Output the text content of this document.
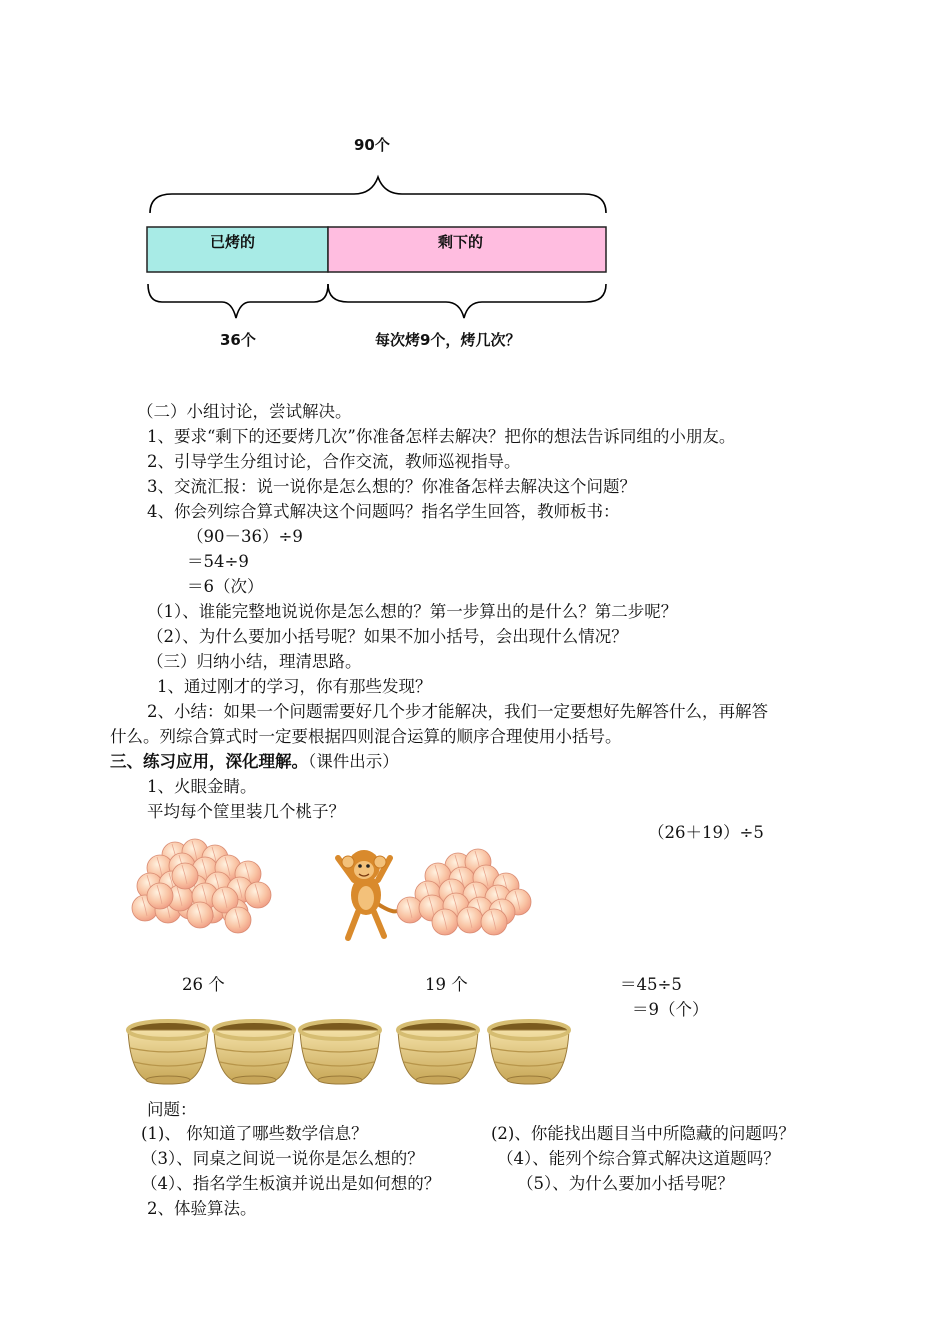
90个
已烤的	剩下的
36个	每次烤9个，烤几次？
（二）小组讨论，尝试解决。
1、要求“剩下的还要烤几次”你准备怎样去解决？把你的想法告诉同组的小朋友。
2、引导学生分组讨论，合作交流，教师巡视指导。
3、交流汇报：说一说你是怎么想的？你准备怎样去解决这个问题？
4、你会列综合算式解决这个问题吗？指名学生回答，教师板书：
（90－36）÷9
＝54÷9
＝6（次）
（1）、谁能完整地说说你是怎么想的？第一步算出的是什么？第二步呢？
（2）、为什么要加小括号呢？如果不加小括号，会出现什么情况？
（三）归纳小结，理清思路。
1、通过刚才的学习，你有那些发现？
2、小结：如果一个问题需要好几个步才能解决，我们一定要想好先解答什么，再解答
什么。列综合算式时一定要根据四则混合运算的顺序合理使用小括号。
三、练习应用，深化理解。（课件出示）
1、火眼金睛。
平均每个筐里装几个桃子？
（26＋19）÷5
26 个	19 个	＝45÷5
＝9（个）
问题：
(1)、 你知道了哪些数学信息？	(2)、你能找出题目当中所隐藏的问题吗？
（3）、同桌之间说一说你是怎么想的？	（4）、能列个综合算式解决这道题吗？
（4）、指名学生板演并说出是如何想的？	（5）、为什么要加小括号呢？
2、体验算法。
